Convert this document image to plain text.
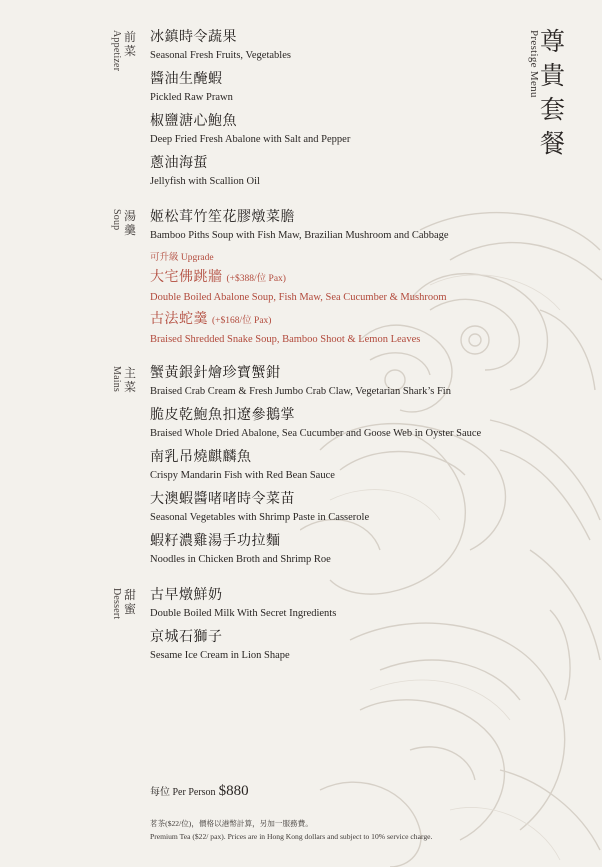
尊貴套餐
Prestige Menu
Appetizer 前
菜
冰鎮時令蔬果
Seasonal Fresh Fruits, Vegetables
醬油生醃蝦
Pickled Raw Prawn
椒鹽溏心鮑魚
Deep Fried Fresh Abalone with Salt and Pepper
蔥油海蜇
Jellyfish with Scallion Oil
Soup 湯
羹
姬松茸竹笙花膠燉菜膽
Bamboo Piths Soup with Fish Maw, Brazilian Mushroom and Cabbage
可升級 Upgrade
大宅佛跳牆 (+$388/位 Pax)
Double Boiled Abalone Soup, Fish Maw, Sea Cucumber & Mushroom
古法蛇羹 (+$168/位 Pax)
Braised Shredded Snake Soup, Bamboo Shoot & Lemon Leaves
Mains 主
菜
蟹黃銀針燴珍寶蟹鉗
Braised Crab Cream & Fresh Jumbo Crab Claw, Vegetarian Shark’s Fin
脆皮乾鮑魚扣遼參鵝掌
Braised Whole Dried Abalone, Sea Cucumber and Goose Web in Oyster Sauce
南乳吊燒麒麟魚
Crispy Mandarin Fish with Red Bean Sauce
大澳蝦醬啫啫時令菜苗
Seasonal Vegetables with Shrimp Paste in Casserole
蝦籽濃雞湯手功拉麵
Noodles in Chicken Broth and Shrimp Roe
Dessert 甜
蜜
古早燉鮮奶
Double Boiled Milk With Secret Ingredients
京城石獅子
Sesame Ice Cream in Lion Shape
每位 Per Person $880
茗茶($22/位)，價格以港幣計算，另加一服務費。
Premium Tea ($22/ pax). Prices are in Hong Kong dollars and subject to 10% service charge.
